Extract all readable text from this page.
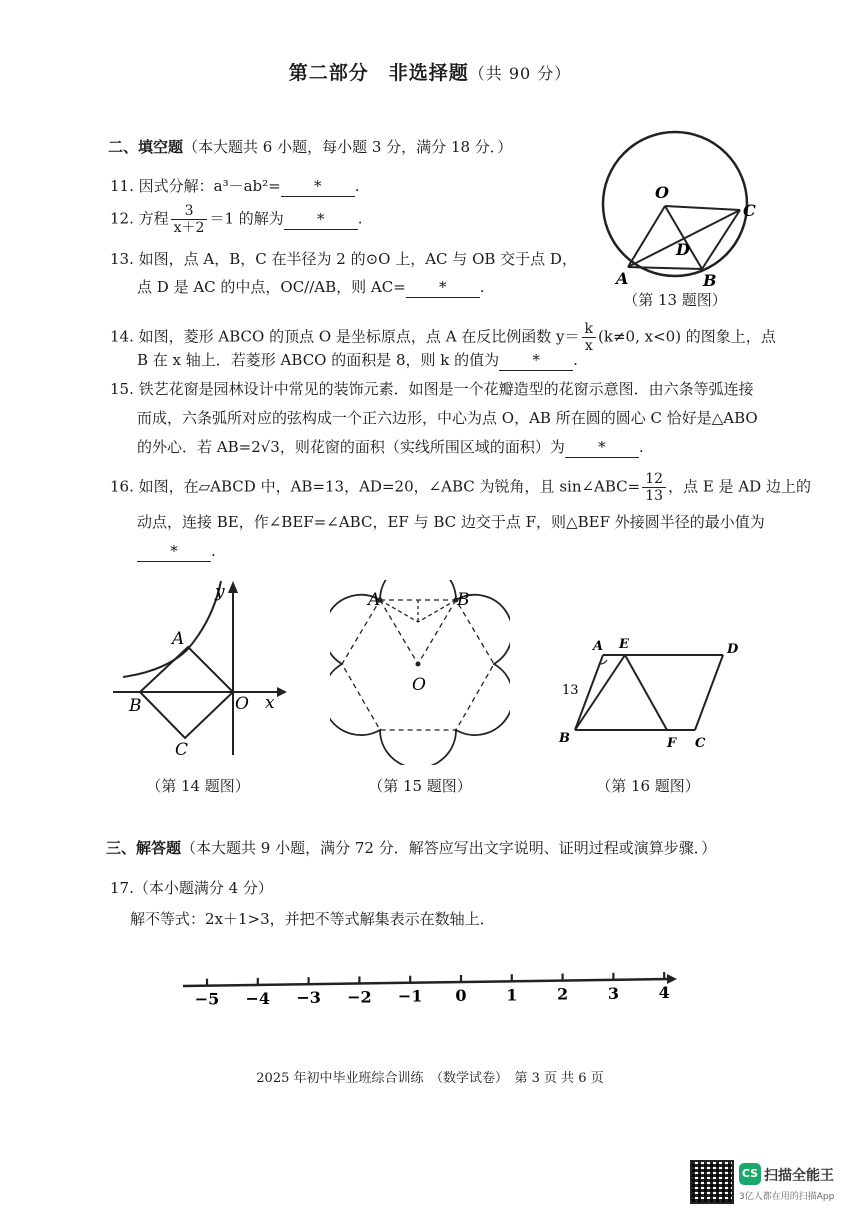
第二部分　非选择题（共 90 分）
二、填空题（本大题共 6 小题，每小题 3 分，满分 18 分．）
11. 因式分解：a³－ab²= * .
12. 方程 $\frac{3}{x+2} =1$ 的解为 * .
13. 如图，点 A，B，C 在半径为 2 的⊙O 上，AC 与 OB 交于点 D，
点 D 是 AC 的中点，OC//AB，则 AC= * .
O
C
D
A	B
（第 13 题图）
14. 如图，菱形 ABCO 的顶点 O 是坐标原点，点 A 在反比例函数 $y= \frac{k}{x} (k\ne 0$, x<0) 的图象上，点
B 在 x 轴上．若菱形 ABCO 的面积是 8，则 k 的值为 * .
15. 铁艺花窗是园林设计中常见的装饰元素．如图是一个花瓣造型的花窗示意图．由六条等弧连接
而成，六条弧所对应的弦构成一个正六边形，中心为点 O，AB 所在圆的圆心 C 恰好是△ABO
的外心．若 AB=2√3，则花窗的面积（实线所围区域的面积）为 * .
16. 如图，在▱ABCD 中，AB=13，AD=20，∠ABC 为锐角，且 sin∠ABC= $\frac{12}{13}$ ，点 E 是 AD 边上的
动点，连接 BE，作∠BEF=∠ABC，EF 与 BC 边交于点 F，则△BEF 外接圆半径的最小值为
* .
y
x
A
B	O
C
（第 14 题图）
A	B
O
（第 15 题图）
A E	D
B	F C
13
（第 16 题图）
三、解答题（本大题共 9 小题，满分 72 分．解答应写出文字说明、证明过程或演算步骤．）
17.（本小题满分 4 分）
解不等式：2x＋1>3，并把不等式解集表示在数轴上．
−5 −4 −3 −2 −1 0 1 2 3 4
2025 年初中毕业班综合训练　（数学试卷）　第 3 页 共 6 页
CS 扫描全能王
3亿人都在用的扫描App
